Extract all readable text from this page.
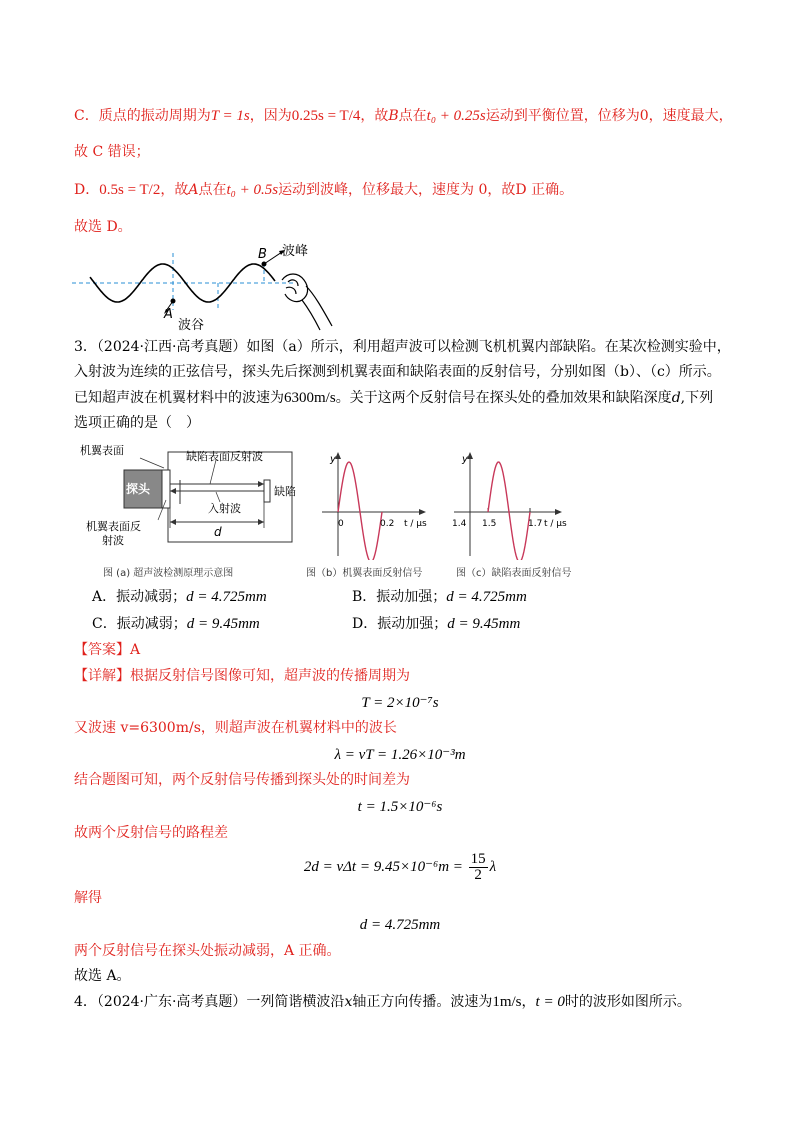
C．质点的振动周期为T = 1s，因为0.25s = T/4，故B点在t₀ + 0.25s运动到平衡位置，位移为0，速度最大，
故 C 错误；
D．0.5s = T/2，故A点在t₀ + 0.5s运动到波峰，位移最大，速度为 0，故D 正确。
故选 D。
B 波峰
A
波谷
3．（2024·江西·高考真题）如图（a）所示，利用超声波可以检测飞机机翼内部缺陷。在某次检测实验中，
入射波为连续的正弦信号，探头先后探测到机翼表面和缺陷表面的反射信号，分别如图（b）、（c）所示。
已知超声波在机翼材料中的波速为6300m/s。关于这两个反射信号在探头处的叠加效果和缺陷深度d,下列
选项正确的是（　）
机翼表面	缺陷表面反射波
探头	缺陷
入射波
d
机翼表面反
射波
图 (a) 超声波检测原理示意图
y
t / μs
0	0.2
图（b）机翼表面反射信号
y
t / μs
1.4 1.5	1.7
图（c）缺陷表面反射信号
A．振动减弱；d = 4.725mm	B．振动加强；d = 4.725mm
C．振动减弱；d = 9.45mm	D．振动加强；d = 9.45mm
【答案】A
【详解】根据反射信号图像可知，超声波的传播周期为
T = 2×10⁻⁷s
又波速 v=6300m/s，则超声波在机翼材料中的波长
λ = vT = 1.26×10⁻³m
结合题图可知，两个反射信号传播到探头处的时间差为
t = 1.5×10⁻⁶s
故两个反射信号的路程差
$2d = v\Delta t = 9.45\times 10^{-6}m = \frac{15}{2}$ λ
解得
d = 4.725mm
两个反射信号在探头处振动减弱，A 正确。
故选 A。
4．（2024·广东·高考真题）一列简谐横波沿x轴正方向传播。波速为1m/s，t = 0时的波形如图所示。
